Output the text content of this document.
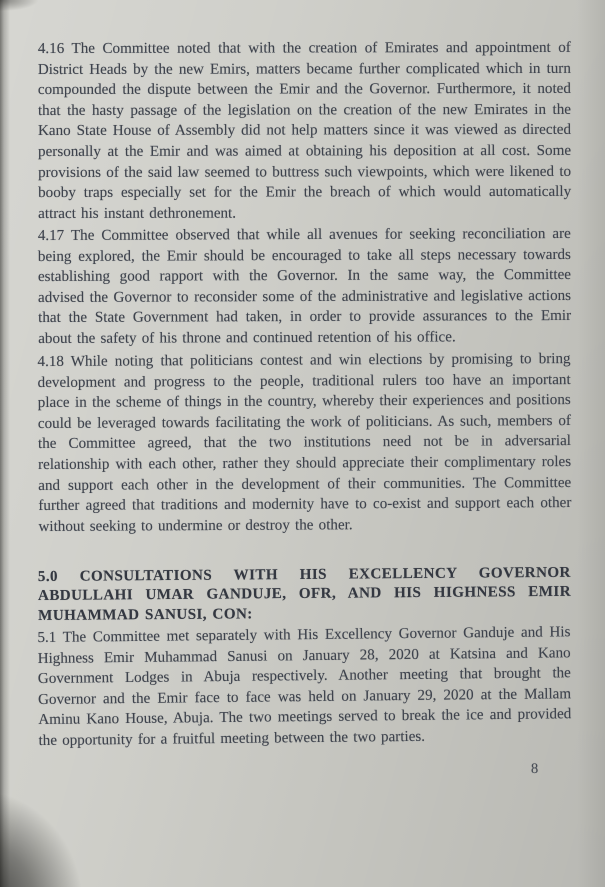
4.16 The Committee noted that with the creation of Emirates and appointment of District Heads by the new Emirs, matters became further complicated which in turn compounded the dispute between the Emir and the Governor. Furthermore, it noted that the hasty passage of the legislation on the creation of the new Emirates in the Kano State House of Assembly did not help matters since it was viewed as directed personally at the Emir and was aimed at obtaining his deposition at all cost. Some provisions of the said law seemed to buttress such viewpoints, which were likened to booby traps especially set for the Emir the breach of which would automatically attract his instant dethronement.

4.17 The Committee observed that while all avenues for seeking reconciliation are being explored, the Emir should be encouraged to take all steps necessary towards establishing good rapport with the Governor. In the same way, the Committee advised the Governor to reconsider some of the administrative and legislative actions that the State Government had taken, in order to provide assurances to the Emir about the safety of his throne and continued retention of his office.

4.18 While noting that politicians contest and win elections by promising to bring development and progress to the people, traditional rulers too have an important place in the scheme of things in the country, whereby their experiences and positions could be leveraged towards facilitating the work of politicians. As such, members of the Committee agreed, that the two institutions need not be in adversarial relationship with each other, rather they should appreciate their complimentary roles and support each other in the development of their communities. The Committee further agreed that traditions and modernity have to co-exist and support each other without seeking to undermine or destroy the other.

5.0 CONSULTATIONS WITH HIS EXCELLENCY GOVERNOR
ABDULLAHI UMAR GANDUJE, OFR, AND HIS HIGHNESS EMIR
MUHAMMAD SANUSI, CON:

5.1 The Committee met separately with His Excellency Governor Ganduje and His Highness Emir Muhammad Sanusi on January 28, 2020 at Katsina and Kano Government Lodges in Abuja respectively. Another meeting that brought the Governor and the Emir face to face was held on January 29, 2020 at the Mallam Aminu Kano House, Abuja. The two meetings served to break the ice and provided the opportunity for a fruitful meeting between the two parties.

8
